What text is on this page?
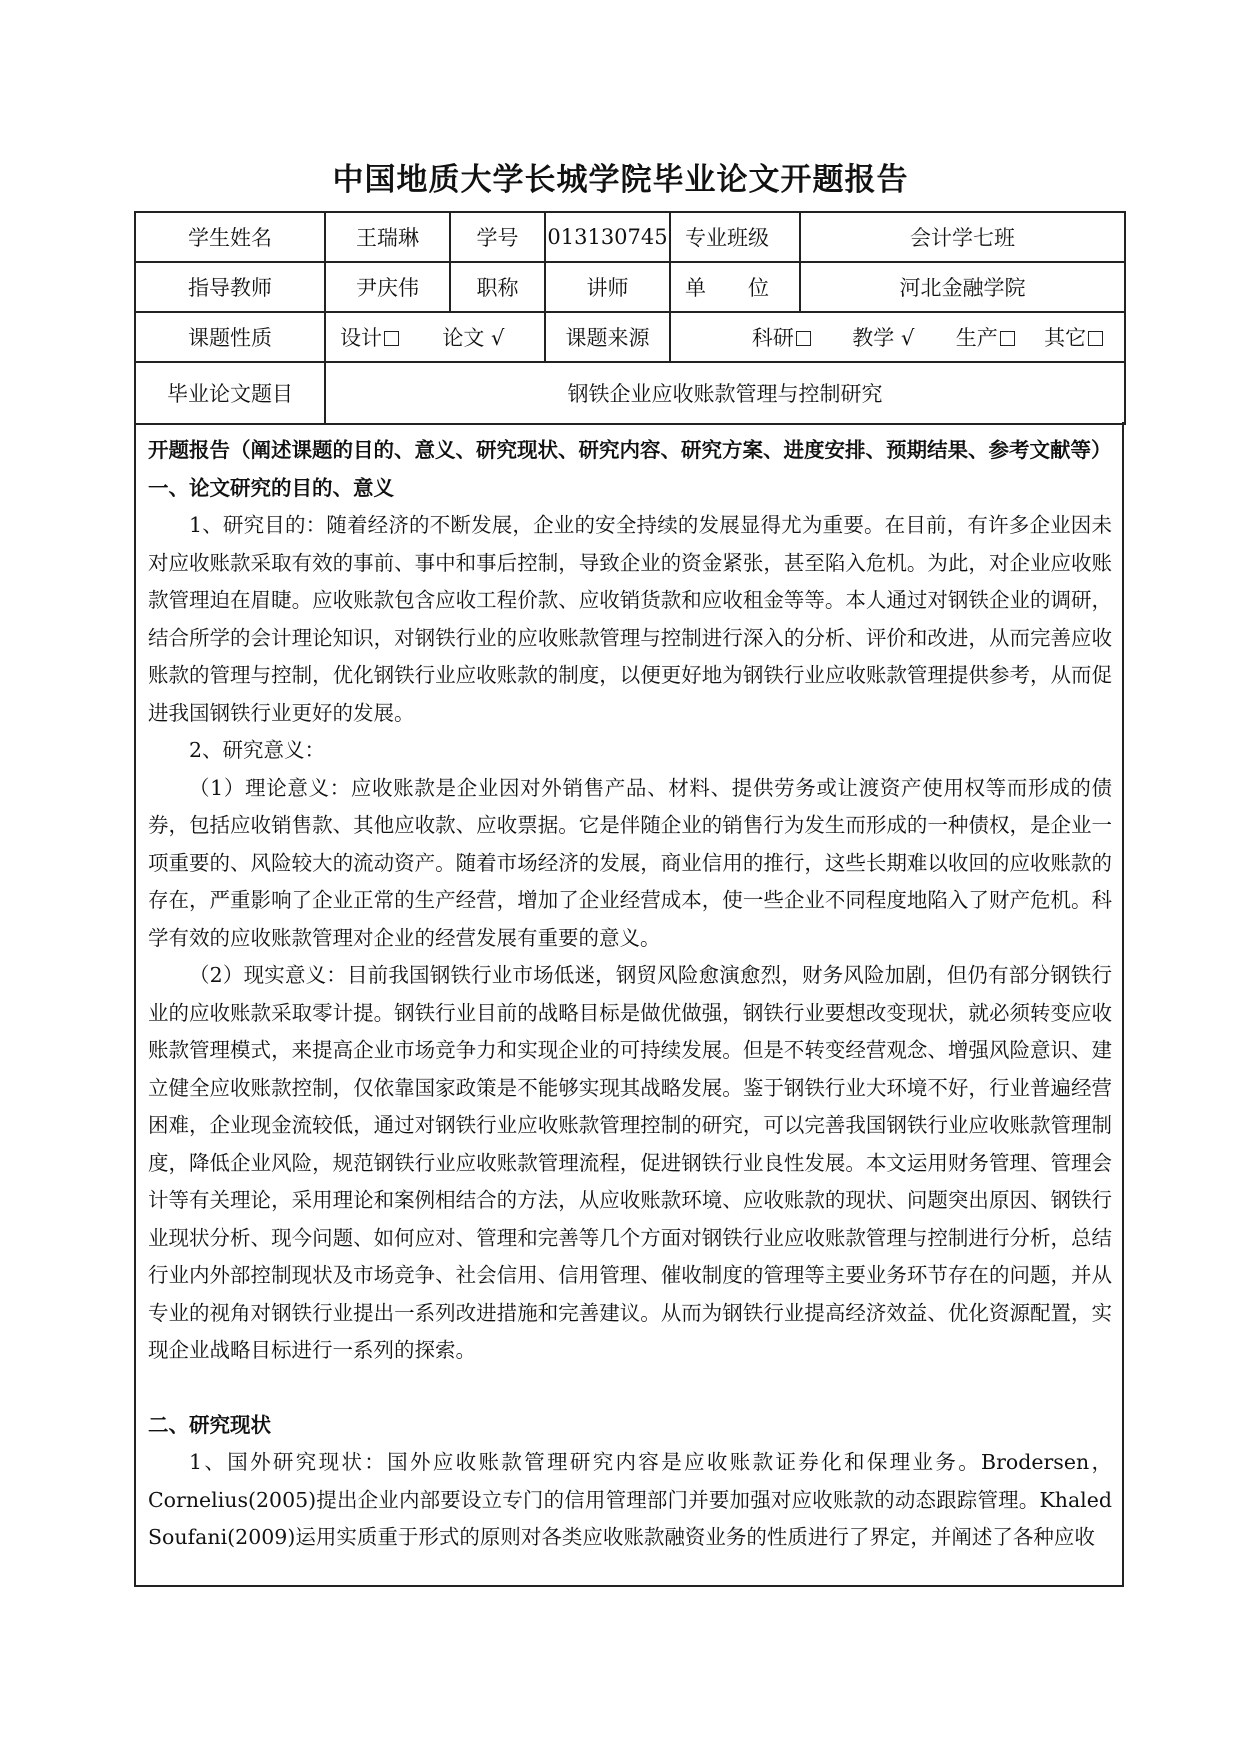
中国地质大学长城学院毕业论文开题报告
学生姓名	王瑞琳	学号	013130745	专业班级	会计学七班
指导教师	尹庆伟	职称	讲师	单　　位	河北金融学院
课题性质	设计 论文 √		课题来源	科研 教学 √ 生产 其它	
毕业论文题目	钢铁企业应收账款管理与控制研究				

开题报告（阐述课题的目的、意义、研究现状、研究内容、研究方案、进度安排、预期结果、参考文献等）

一、论文研究的目的、意义

1、研究目的：随着经济的不断发展，企业的安全持续的发展显得尤为重要。在目前，有许多企业因未对应收账款采取有效的事前、事中和事后控制，导致企业的资金紧张，甚至陷入危机。为此，对企业应收账款管理迫在眉睫。应收账款包含应收工程价款、应收销货款和应收租金等等。本人通过对钢铁企业的调研，结合所学的会计理论知识，对钢铁行业的应收账款管理与控制进行深入的分析、评价和改进，从而完善应收账款的管理与控制，优化钢铁行业应收账款的制度，以便更好地为钢铁行业应收账款管理提供参考，从而促进我国钢铁行业更好的发展。

2、研究意义：

（1）理论意义：应收账款是企业因对外销售产品、材料、提供劳务或让渡资产使用权等而形成的债券，包括应收销售款、其他应收款、应收票据。它是伴随企业的销售行为发生而形成的一种债权，是企业一项重要的、风险较大的流动资产。随着市场经济的发展，商业信用的推行，这些长期难以收回的应收账款的存在，严重影响了企业正常的生产经营，增加了企业经营成本，使一些企业不同程度地陷入了财产危机。科学有效的应收账款管理对企业的经营发展有重要的意义。

（2）现实意义：目前我国钢铁行业市场低迷，钢贸风险愈演愈烈，财务风险加剧，但仍有部分钢铁行业的应收账款采取零计提。钢铁行业目前的战略目标是做优做强，钢铁行业要想改变现状，就必须转变应收账款管理模式，来提高企业市场竞争力和实现企业的可持续发展。但是不转变经营观念、增强风险意识、建立健全应收账款控制，仅依靠国家政策是不能够实现其战略发展。鉴于钢铁行业大环境不好，行业普遍经营困难，企业现金流较低，通过对钢铁行业应收账款管理控制的研究，可以完善我国钢铁行业应收账款管理制度，降低企业风险，规范钢铁行业应收账款管理流程，促进钢铁行业良性发展。本文运用财务管理、管理会计等有关理论，采用理论和案例相结合的方法，从应收账款环境、应收账款的现状、问题突出原因、钢铁行业现状分析、现今问题、如何应对、管理和完善等几个方面对钢铁行业应收账款管理与控制进行分析，总结行业内外部控制现状及市场竞争、社会信用、信用管理、催收制度的管理等主要业务环节存在的问题，并从专业的视角对钢铁行业提出一系列改进措施和完善建议。从而为钢铁行业提高经济效益、优化资源配置，实现企业战略目标进行一系列的探索。

二、研究现状

1、国外研究现状：国外应收账款管理研究内容是应收账款证券化和保理业务。Brodersen，Cornelius(2005)提出企业内部要设立专门的信用管理部门并要加强对应收账款的动态跟踪管理。Khaled Soufani(2009)运用实质重于形式的原则对各类应收账款融资业务的性质进行了界定，并阐述了各种应收
